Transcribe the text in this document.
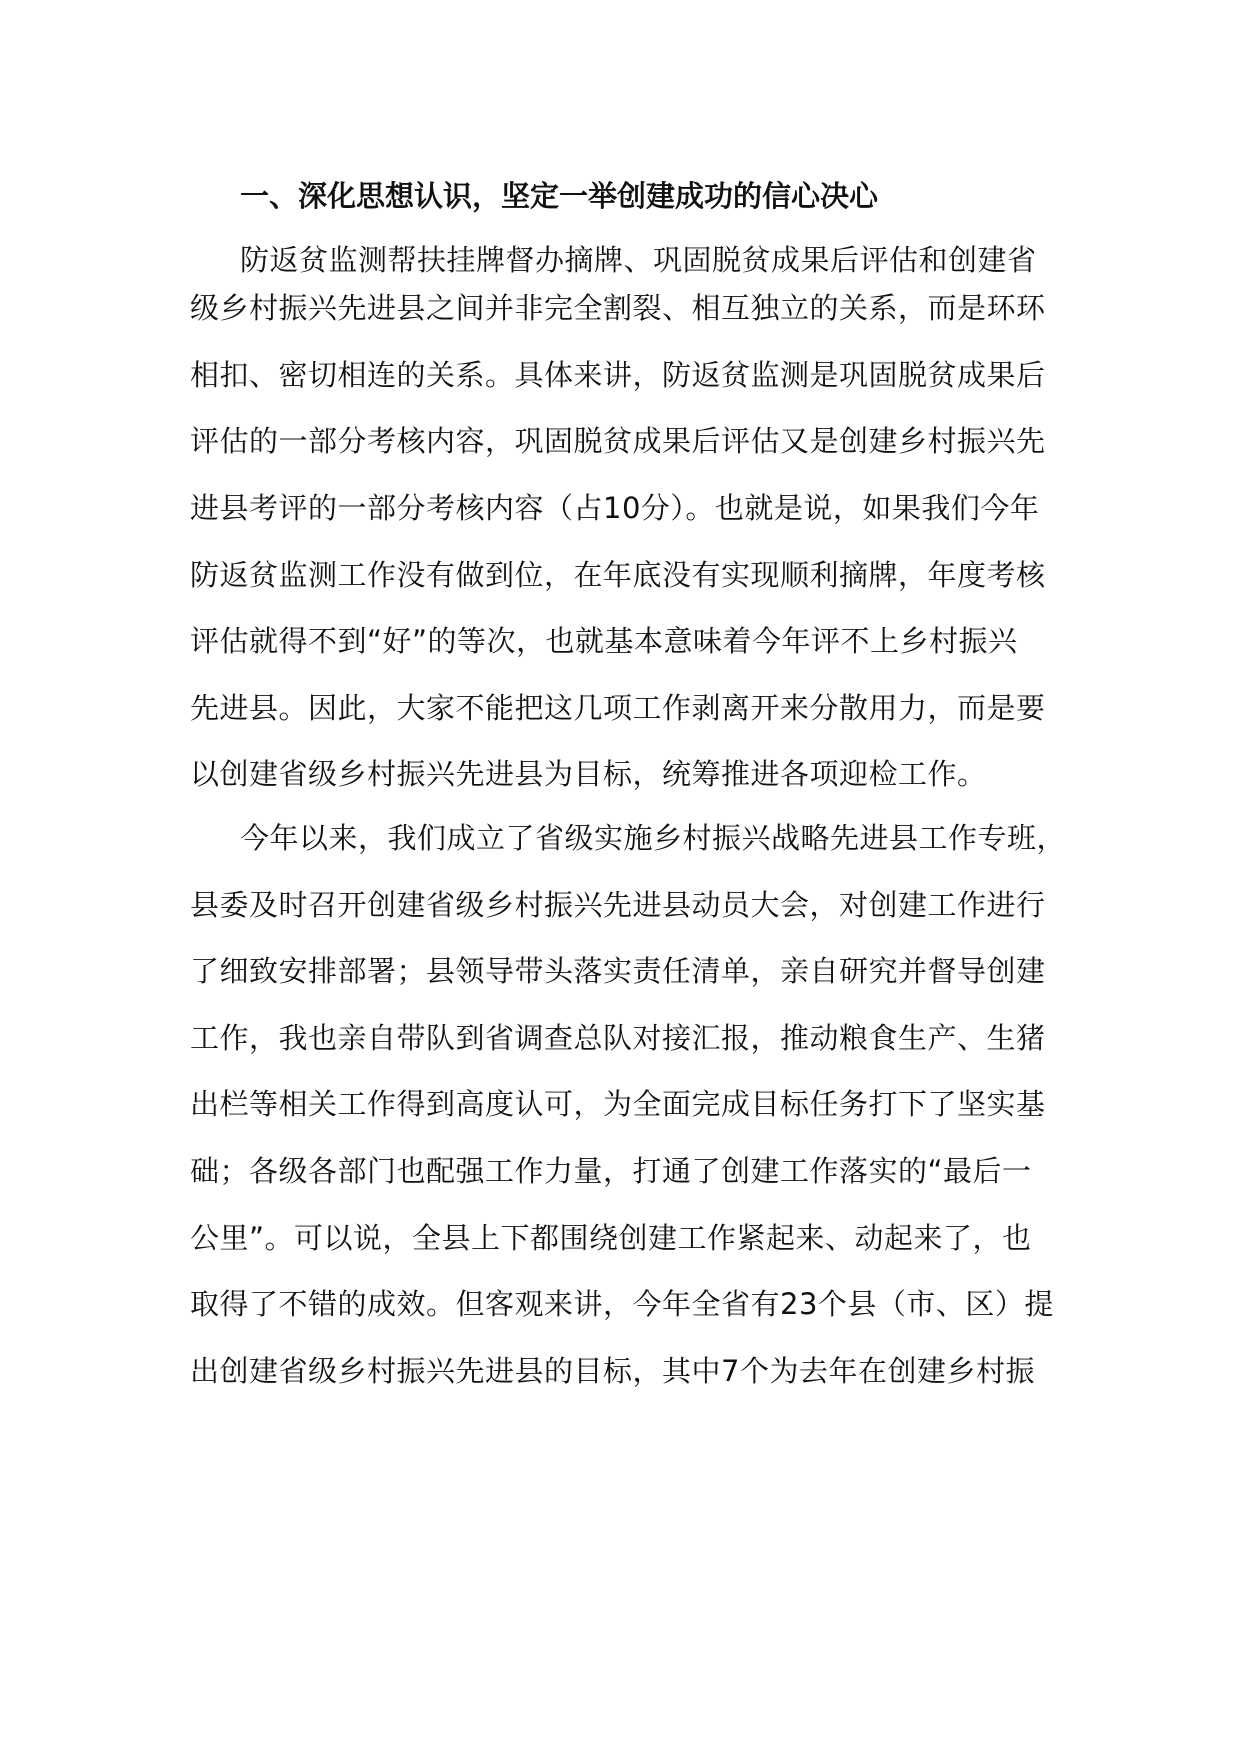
一、深化思想认识，坚定一举创建成功的信心决心

防返贫监测帮扶挂牌督办摘牌、巩固脱贫成果后评估和创建省

级乡村振兴先进县之间并非完全割裂、相互独立的关系，而是环环

相扣、密切相连的关系。具体来讲，防返贫监测是巩固脱贫成果后

评估的一部分考核内容，巩固脱贫成果后评估又是创建乡村振兴先

进县考评的一部分考核内容（占10分）。也就是说，如果我们今年

防返贫监测工作没有做到位，在年底没有实现顺利摘牌，年度考核

评估就得不到“好”的等次，也就基本意味着今年评不上乡村振兴

先进县。因此，大家不能把这几项工作剥离开来分散用力，而是要

以创建省级乡村振兴先进县为目标，统筹推进各项迎检工作。

今年以来，我们成立了省级实施乡村振兴战略先进县工作专班，

县委及时召开创建省级乡村振兴先进县动员大会，对创建工作进行

了细致安排部署；县领导带头落实责任清单，亲自研究并督导创建

工作，我也亲自带队到省调查总队对接汇报，推动粮食生产、生猪

出栏等相关工作得到高度认可，为全面完成目标任务打下了坚实基

础；各级各部门也配强工作力量，打通了创建工作落实的“最后一

公里”。可以说，全县上下都围绕创建工作紧起来、动起来了，也

取得了不错的成效。但客观来讲，今年全省有23个县（市、区）提

出创建省级乡村振兴先进县的目标，其中7个为去年在创建乡村振
